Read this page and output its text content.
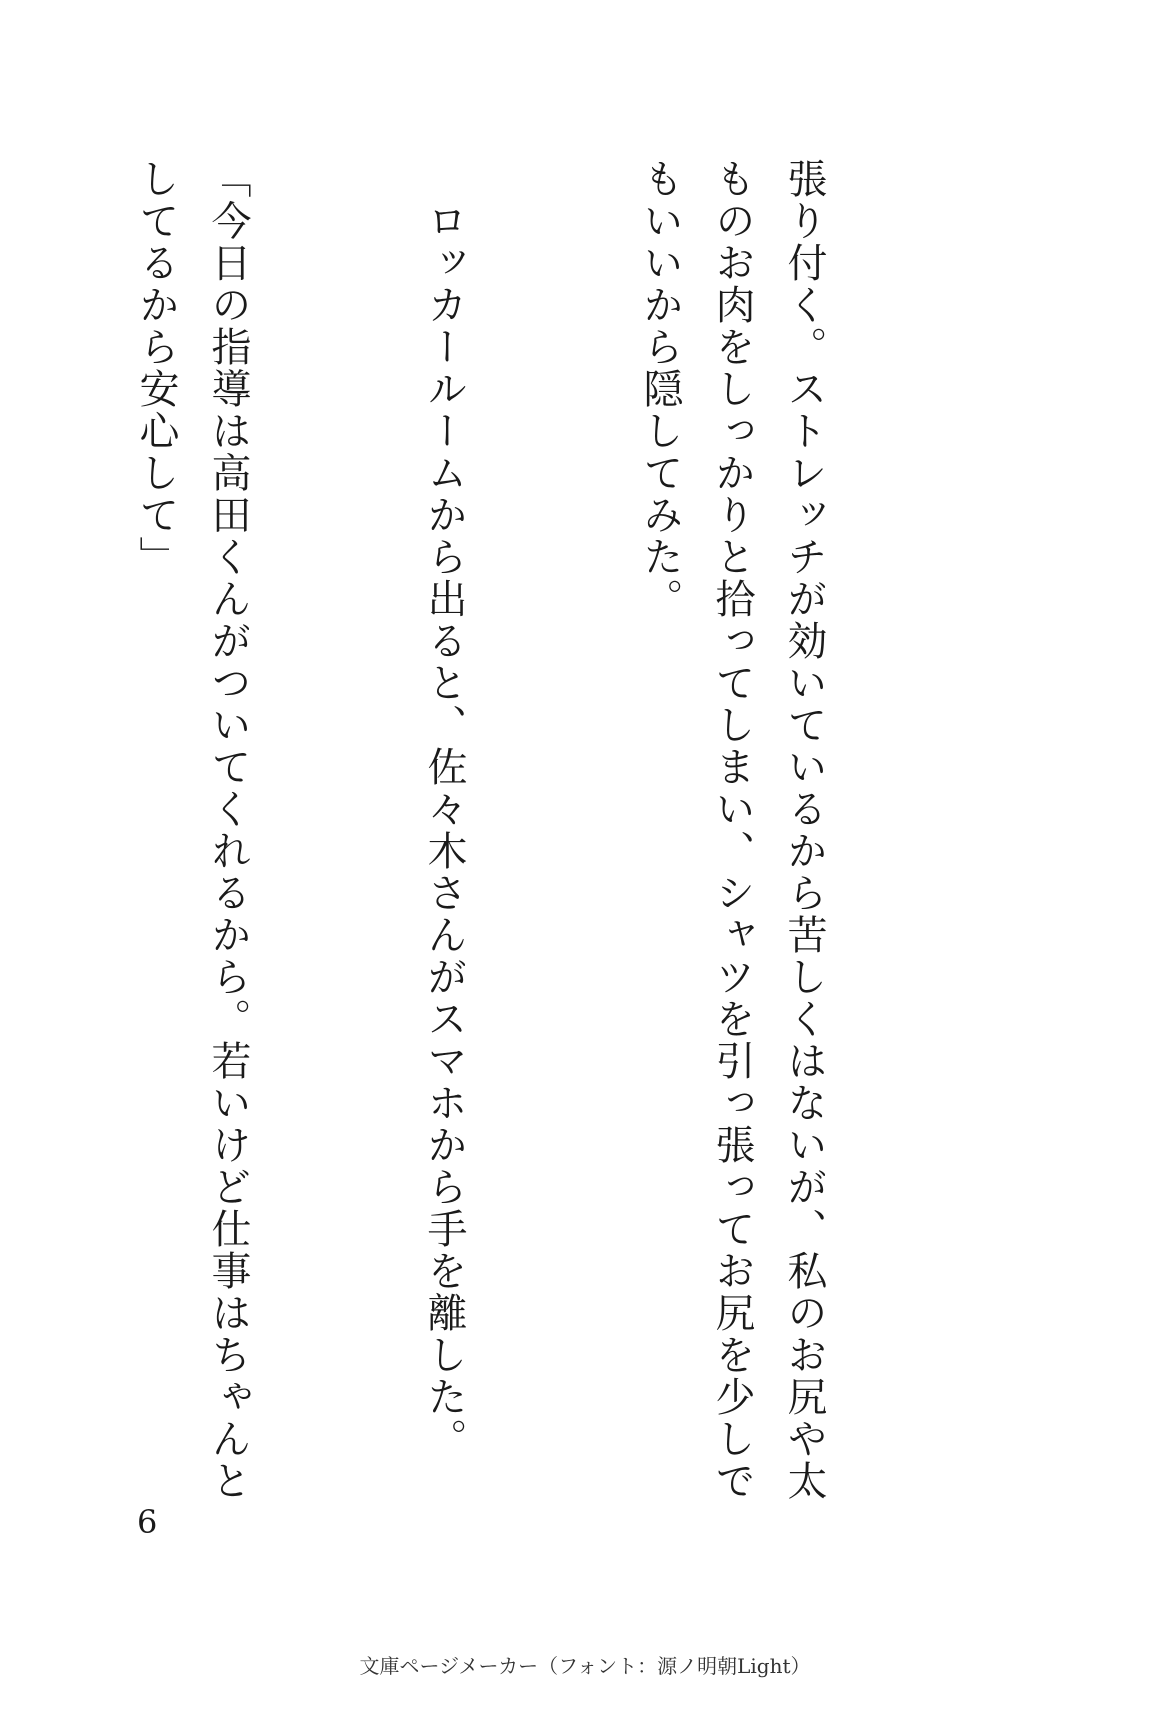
張り付く。ストレッチが効いているから苦しくはないが、私のお尻や太ものお肉をしっかりと拾ってしまい、シャツを引っ張ってお尻を少しでもいいから隠してみた。

　ロッカールームから出ると、佐々木さんがスマホから手を離した。

「今日の指導は高田くんがついてくれるから。若いけど仕事はちゃんとしてるから安心して」

6
文庫ページメーカー（フォント：源ノ明朝Light）
